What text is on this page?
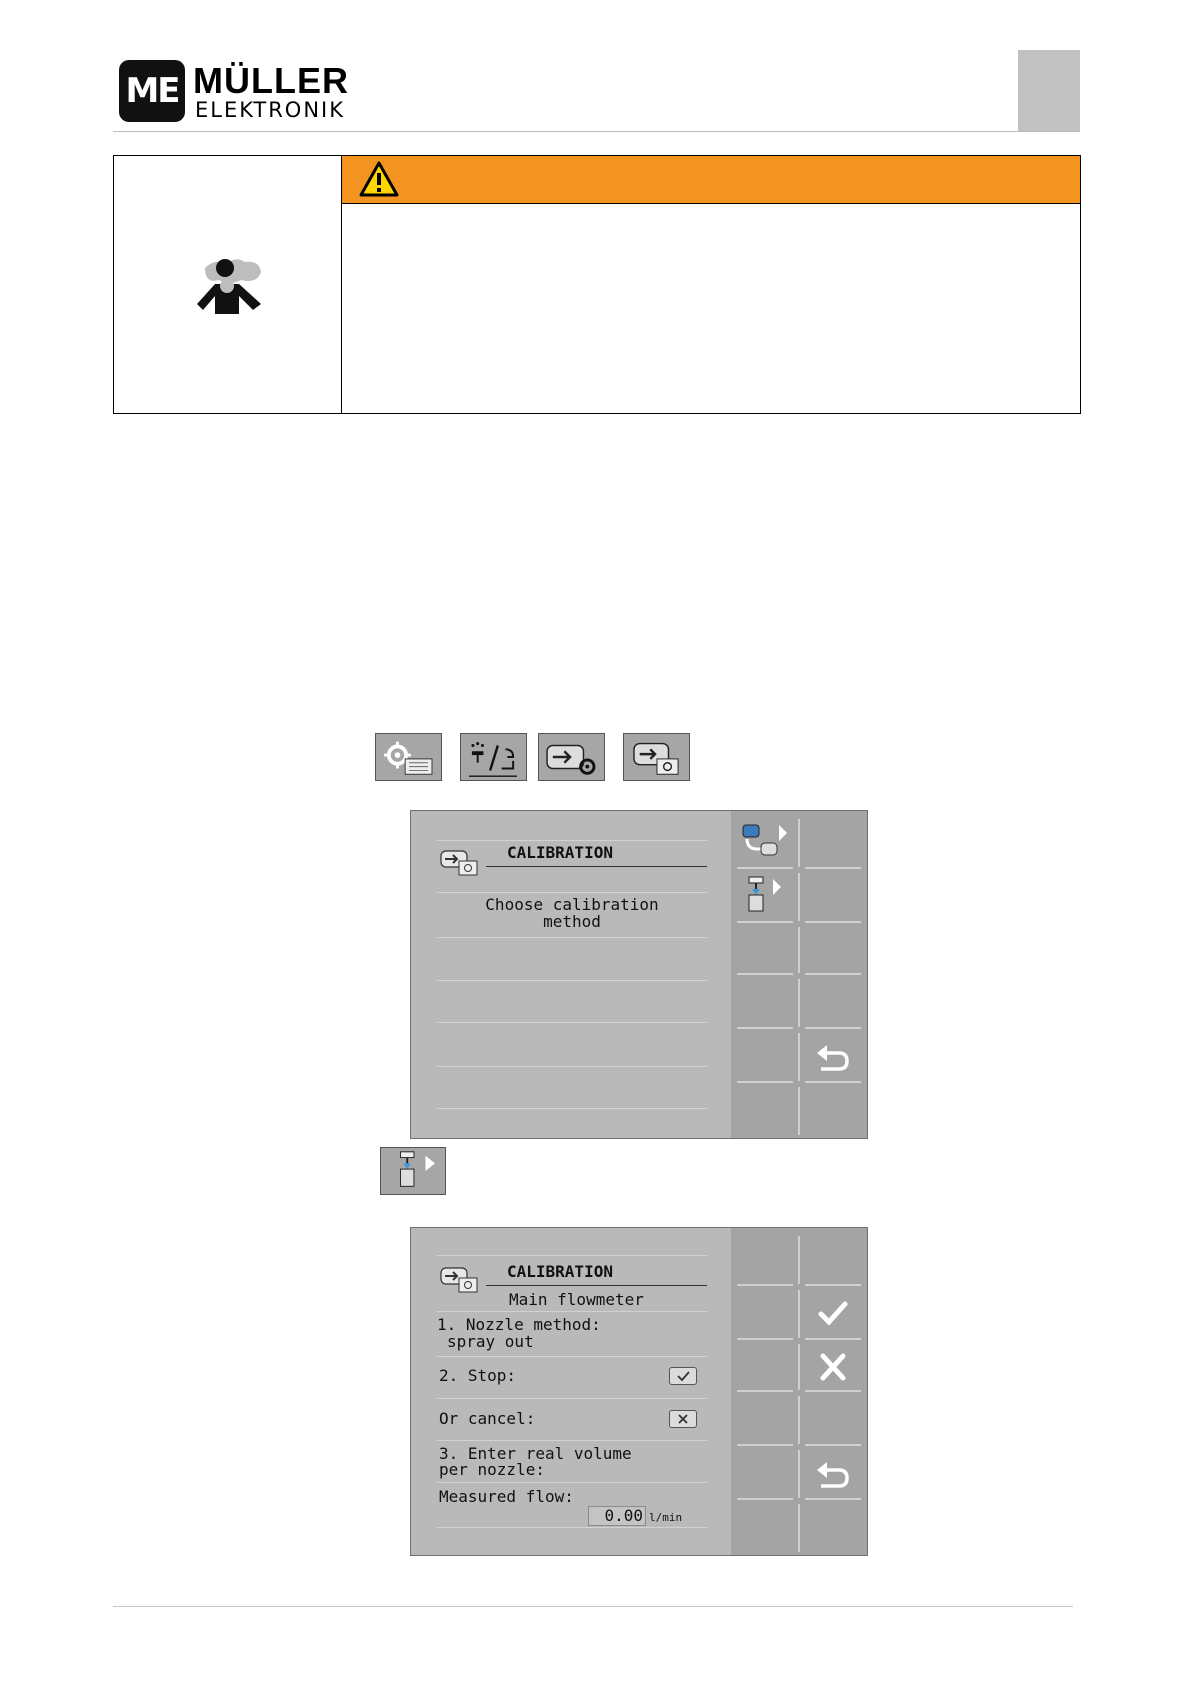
ME MÜLLER
ELEKTRONIK
CALIBRATION
Choose calibration
method
CALIBRATION
Main flowmeter
1. Nozzle method:
spray out
2. Stop:
Or cancel:
3. Enter real volume
per nozzle:
Measured flow:
0.00 l/min
